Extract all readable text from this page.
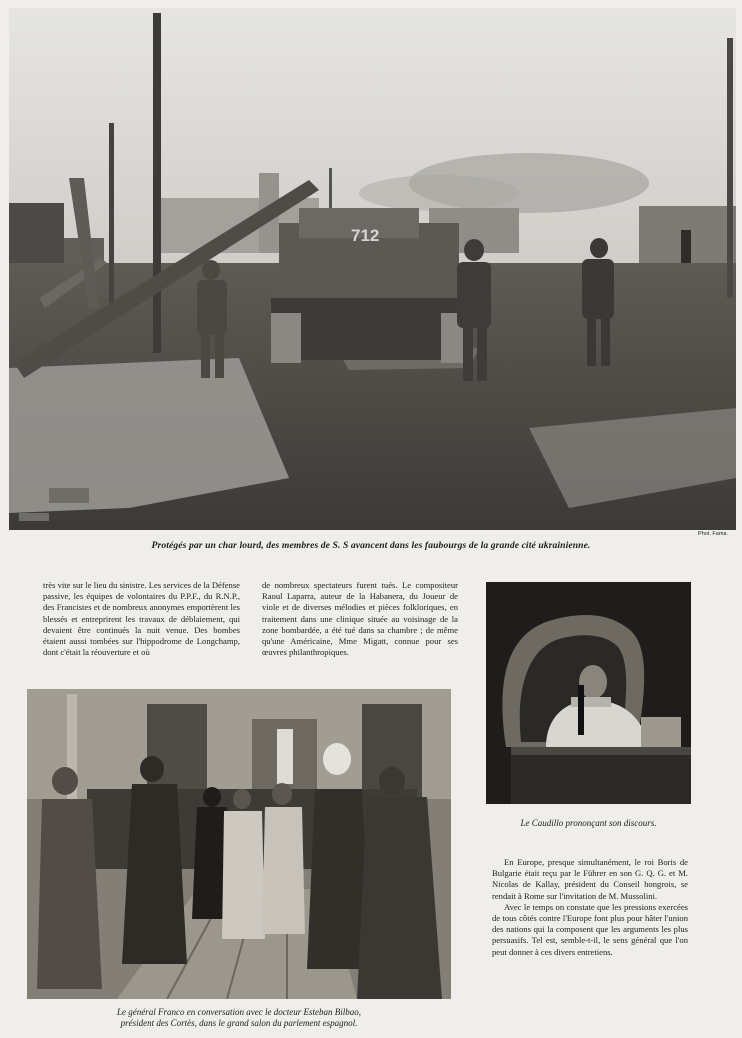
712
Phot. Fama.
Protégés par un char lourd, des membres de S. S avancent dans les faubourgs de la grande cité ukrainienne.
très vite sur le lieu du sinistre. Les services de la Défense passive, les équipes de volontaires du P.P.F., du R.N.P., des Francistes et de nombreux anonymes emportèrent les blessés et entreprirent les travaux de déblaiement, qui devaient être continués la nuit venue. Des bombes étaient aussi tombées sur l'hippodrome de Longchamp, dont c'était la réouverture et où
de nombreux spectateurs furent tués. Le compositeur Raoul Laparra, auteur de la Habanera, du Joueur de viole et de diverses mélodies et pièces folkloriques, en traitement dans une clinique située au voisinage de la zone bombardée, a été tué dans sa chambre ; de même qu'une Américaine, Mme Migatt, connue pour ses œuvres philanthropiques.
Le Caudillo prononçant son discours.
Le général Franco en conversation avec le docteur Esteban Bilbao,
président des Cortès, dans le grand salon du parlement espagnol.

En Europe, presque simultanément, le roi Boris de Bulgarie était reçu par le Führer en son G. Q. G. et M. Nicolas de Kallay, président du Conseil hongrois, se rendait à Rome sur l'invitation de M. Mussolini.

Avec le temps on constate que les pressions exercées de tous côtés contre l'Europe font plus pour hâter l'union des nations qui la composent que les arguments les plus persuasifs. Tel est, semble-t-il, le sens général que l'on peut donner à ces divers entretiens.
